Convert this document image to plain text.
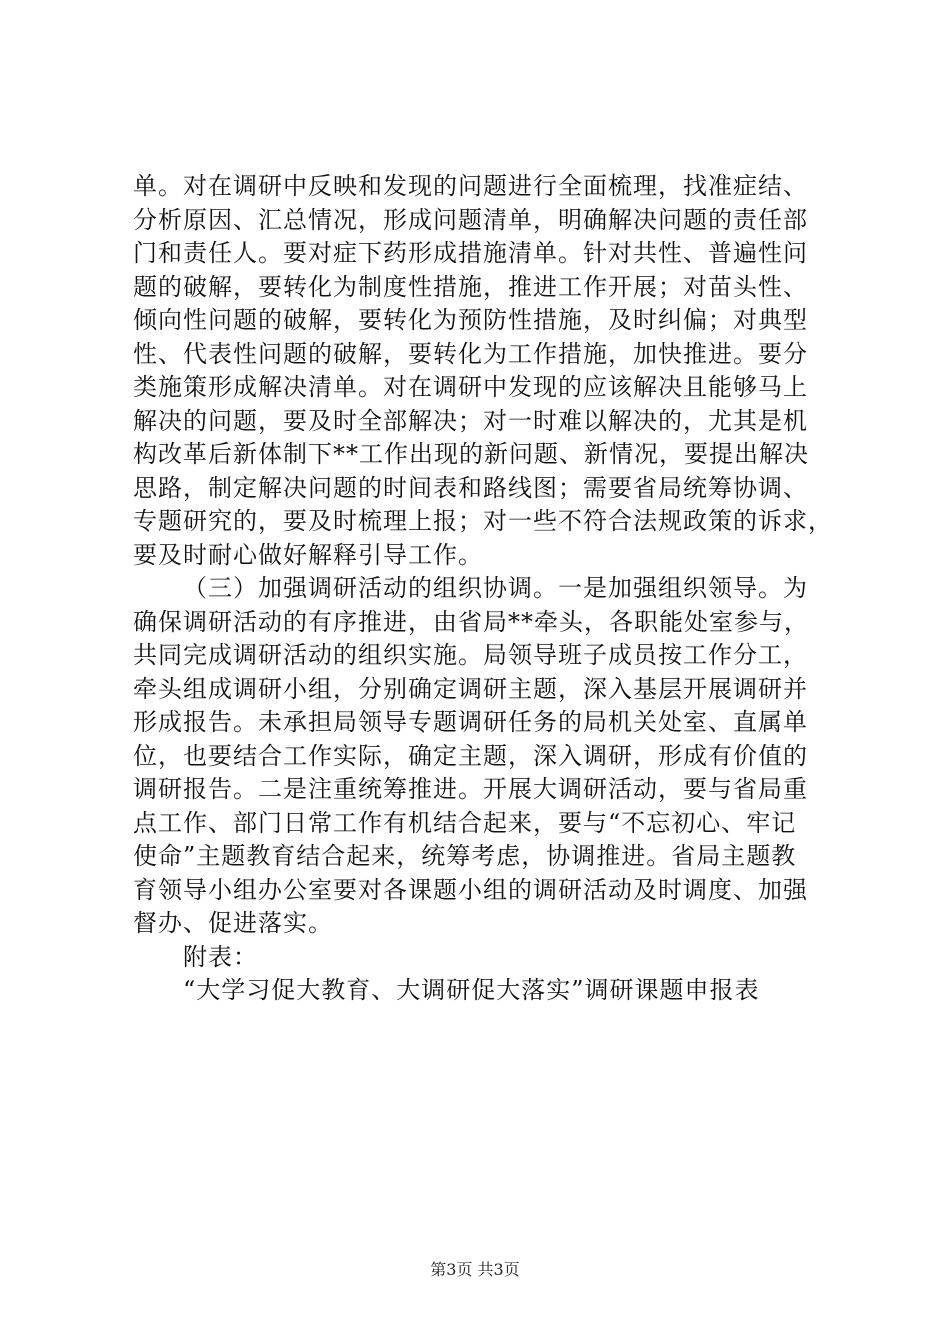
单。对在调研中反映和发现的问题进行全面梳理，找准症结、
分析原因、汇总情况，形成问题清单，明确解决问题的责任部
门和责任人。要对症下药形成措施清单。针对共性、普遍性问
题的破解，要转化为制度性措施，推进工作开展；对苗头性、
倾向性问题的破解，要转化为预防性措施，及时纠偏；对典型
性、代表性问题的破解，要转化为工作措施，加快推进。要分
类施策形成解决清单。对在调研中发现的应该解决且能够马上
解决的问题，要及时全部解决；对一时难以解决的，尤其是机
构改革后新体制下**工作出现的新问题、新情况，要提出解决
思路，制定解决问题的时间表和路线图；需要省局统筹协调、
专题研究的，要及时梳理上报；对一些不符合法规政策的诉求，
要及时耐心做好解释引导工作。
（三）加强调研活动的组织协调。一是加强组织领导。为
确保调研活动的有序推进，由省局**牵头，各职能处室参与，
共同完成调研活动的组织实施。局领导班子成员按工作分工，
牵头组成调研小组，分别确定调研主题，深入基层开展调研并
形成报告。未承担局领导专题调研任务的局机关处室、直属单
位，也要结合工作实际，确定主题，深入调研，形成有价值的
调研报告。二是注重统筹推进。开展大调研活动，要与省局重
点工作、部门日常工作有机结合起来，要与“不忘初心、牢记
使命”主题教育结合起来，统筹考虑，协调推进。省局主题教
育领导小组办公室要对各课题小组的调研活动及时调度、加强
督办、促进落实。
附表：
“大学习促大教育、大调研促大落实”调研课题申报表
第3页 共3页
